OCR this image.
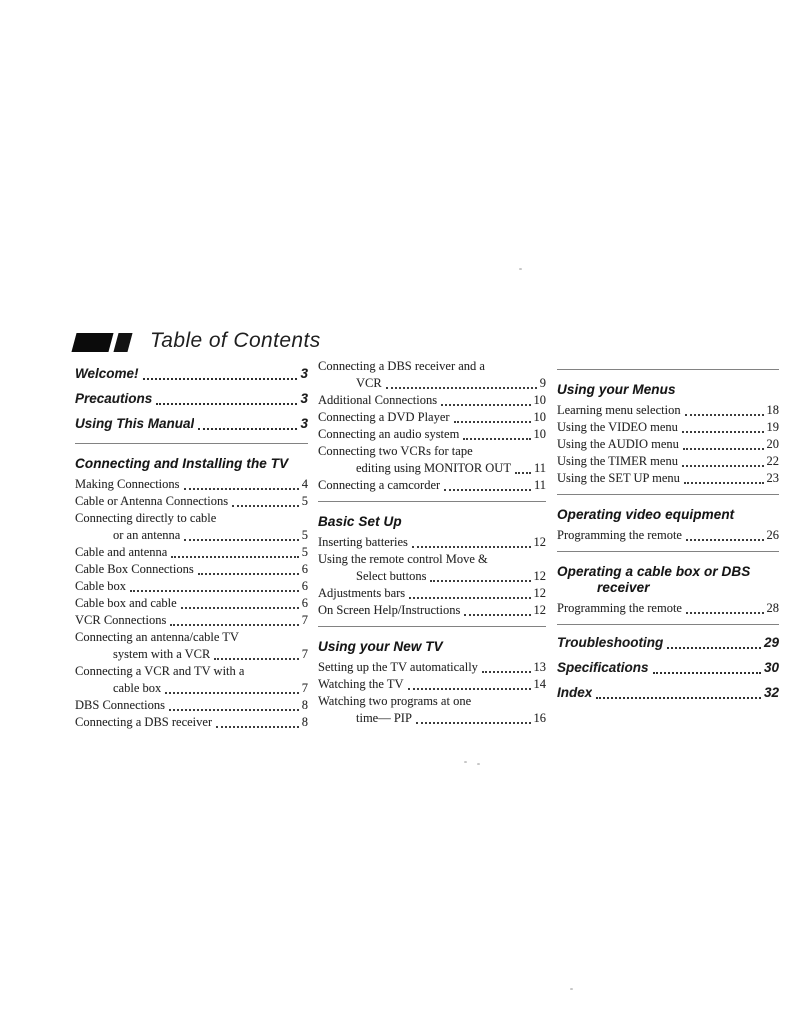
Table of Contents
Welcome!	3
Precautions	3
Using This Manual	3
Connecting and Installing the TV
Making Connections	4
Cable or Antenna Connections	5
Connecting directly to cable
or an antenna	5
Cable and antenna	5
Cable Box Connections	6
Cable box	6
Cable box and cable	6
VCR Connections	7
Connecting an antenna/cable TV
system with a VCR	7
Connecting a VCR and TV with a
cable box	7
DBS Connections	8
Connecting a DBS receiver	8
Connecting a DBS receiver and a
VCR	9
Additional Connections	10
Connecting a DVD Player	10
Connecting an audio system	10
Connecting two VCRs for tape
editing using MONITOR OUT 11
Connecting a camcorder	11
Basic Set Up
Inserting batteries	12
Using the remote control Move &
Select buttons	12
Adjustments bars	12
On Screen Help/Instructions	12
Using your New TV
Setting up the TV automatically	13
Watching the TV	14
Watching two programs at one
time— PIP	16
Using your Menus
Learning menu selection	18
Using the VIDEO menu	19
Using the AUDIO menu	20
Using the TIMER menu	22
Using the SET UP menu	23
Operating video equipment
Programming the remote	26
Operating a cable box or DBS
receiver
Programming the remote	28
Troubleshooting	29
Specifications	30
Index	32
